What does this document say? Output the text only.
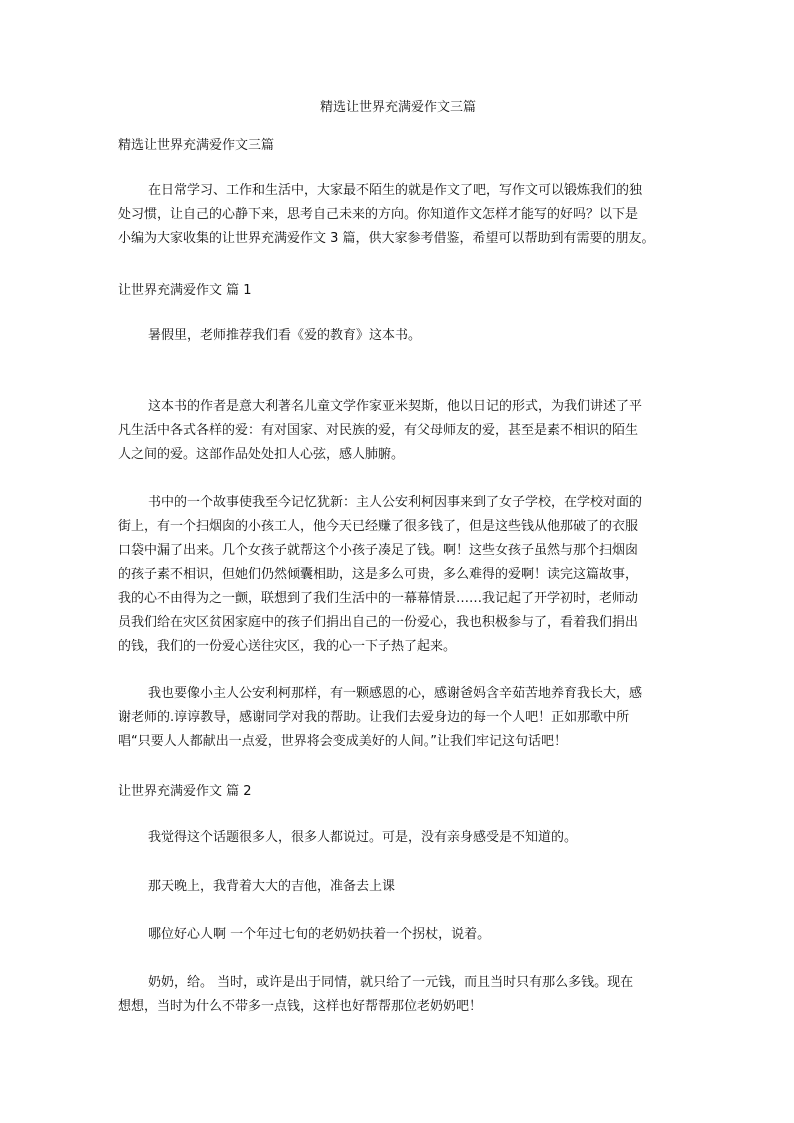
精选让世界充满爱作文三篇
精选让世界充满爱作文三篇
在日常学习、工作和生活中，大家最不陌生的就是作文了吧，写作文可以锻炼我们的独
处习惯，让自己的心静下来，思考自己未来的方向。你知道作文怎样才能写的好吗？以下是
小编为大家收集的让世界充满爱作文 3 篇，供大家参考借鉴，希望可以帮助到有需要的朋友。
让世界充满爱作文 篇 1
暑假里，老师推荐我们看《爱的教育》这本书。
这本书的作者是意大利著名儿童文学作家亚米契斯，他以日记的形式，为我们讲述了平
凡生活中各式各样的爱：有对国家、对民族的爱，有父母师友的爱，甚至是素不相识的陌生
人之间的爱。这部作品处处扣人心弦，感人肺腑。
书中的一个故事使我至今记忆犹新：主人公安利柯因事来到了女子学校，在学校对面的
街上，有一个扫烟囱的小孩工人，他今天已经赚了很多钱了，但是这些钱从他那破了的衣服
口袋中漏了出来。几个女孩子就帮这个小孩子凑足了钱。啊！这些女孩子虽然与那个扫烟囱
的孩子素不相识，但她们仍然倾囊相助，这是多么可贵，多么难得的爱啊！读完这篇故事，
我的心不由得为之一颤，联想到了我们生活中的一幕幕情景……我记起了开学初时，老师动
员我们给在灾区贫困家庭中的孩子们捐出自己的一份爱心，我也积极参与了，看着我们捐出
的钱，我们的一份爱心送往灾区，我的心一下子热了起来。
我也要像小主人公安利柯那样，有一颗感恩的心，感谢爸妈含辛茹苦地养育我长大，感
谢老师的.谆谆教导，感谢同学对我的帮助。让我们去爱身边的每一个人吧！正如那歌中所
唱“只要人人都献出一点爱，世界将会变成美好的人间。”让我们牢记这句话吧！
让世界充满爱作文 篇 2
我觉得这个话题很多人，很多人都说过。可是，没有亲身感受是不知道的。
那天晚上，我背着大大的吉他，准备去上课
哪位好心人啊 一个年过七旬的老奶奶扶着一个拐杖，说着。
奶奶，给。 当时，或许是出于同情，就只给了一元钱，而且当时只有那么多钱。现在
想想，当时为什么不带多一点钱，这样也好帮帮那位老奶奶吧！
